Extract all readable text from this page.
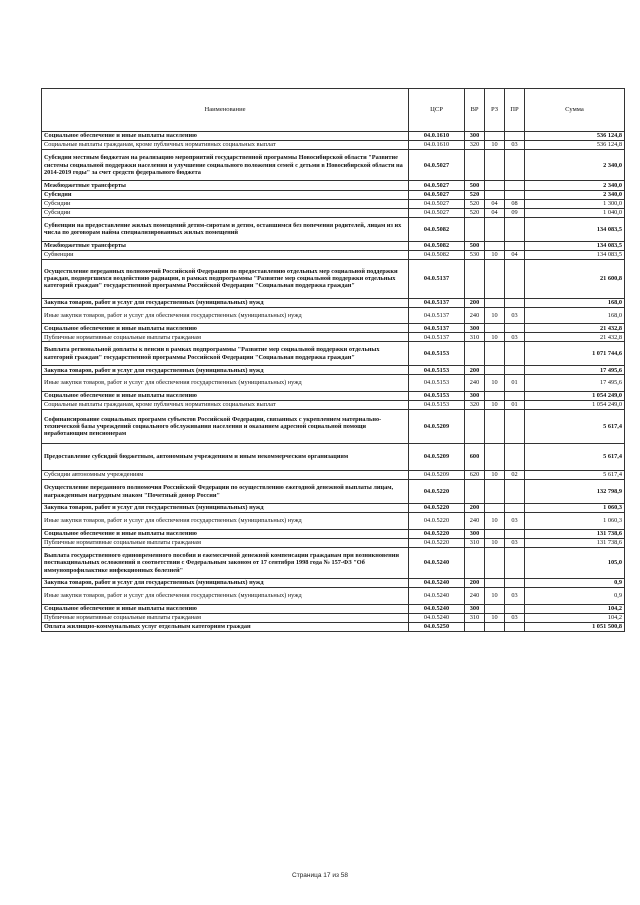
Наименование	ЦСР	ВР	РЗ	ПР	Сумма
Социальное обеспечение и иные выплаты населению	04.0.1610	300			536 124,8
Социальные выплаты гражданам, кроме публичных нормативных социальных выплат	04.0.1610	320	10	03	536 124,8
Субсидии местным бюджетам на реализацию мероприятий государственной программы Новосибирской области "Развитие системы социальной поддержки населения и улучшение социального положения семей с детьми в Новосибирской области на 2014-2019 годы" за счет средств федерального бюджета	04.0.5027				2 340,0
Межбюджетные трансферты	04.0.5027	500			2 340,0
Субсидии	04.0.5027	520			2 340,0
Субсидии	04.0.5027	520	04	08	1 300,0
Субсидии	04.0.5027	520	04	09	1 040,0
Субвенции на предоставление жилых помещений детям-сиротам и детям, оставшимся без попечения родителей, лицам из их числа по договорам найма специализированных жилых помещений	04.0.5082				134 083,5
Межбюджетные трансферты	04.0.5082	500			134 083,5
Субвенции	04.0.5082	530	10	04	134 083,5
Осуществление переданных полномочий Российской Федерации по предоставлению отдельных мер социальной поддержки граждан, подвергшихся воздействию радиации, в рамках подпрограммы "Развитие мер социальной поддержки отдельных категорий граждан" государственной программы Российской Федерации "Социальная поддержка граждан"	04.0.5137				21 600,8
Закупка товаров, работ и услуг для государственных (муниципальных) нужд	04.0.5137	200			168,0
Иные закупки товаров, работ и услуг для обеспечения государственных (муниципальных) нужд	04.0.5137	240	10	03	168,0
Социальное обеспечение и иные выплаты населению	04.0.5137	300			21 432,8
Публичные нормативные социальные выплаты гражданам	04.0.5137	310	10	03	21 432,8
Выплата региональной доплаты к пенсии в рамках подпрограммы "Развитие мер социальной поддержки отдельных категорий граждан" государственной программы Российской Федерации "Социальная поддержка граждан"	04.0.5153				1 071 744,6
Закупка товаров, работ и услуг для государственных (муниципальных) нужд	04.0.5153	200			17 495,6
Иные закупки товаров, работ и услуг для обеспечения государственных (муниципальных) нужд	04.0.5153	240	10	01	17 495,6
Социальное обеспечение и иные выплаты населению	04.0.5153	300			1 054 249,0
Социальные выплаты гражданам, кроме публичных нормативных социальных выплат	04.0.5153	320	10	01	1 054 249,0
Софинансирование социальных программ субъектов Российской Федерации, связанных с укреплением материально-технической базы учреждений социального обслуживания населения и оказанием адресной социальной помощи неработающим пенсионерам	04.0.5209				5 617,4
Предоставление субсидий бюджетным, автономным учреждениям и иным некоммерческим организациям	04.0.5209	600			5 617,4
Субсидии автономным учреждениям	04.0.5209	620	10	02	5 617,4
Осуществление переданного полномочия Российской Федерации по осуществлению ежегодной денежной выплаты лицам, награжденным нагрудным знаком "Почетный донор России"	04.0.5220				132 798,9
Закупка товаров, работ и услуг для государственных (муниципальных) нужд	04.0.5220	200			1 060,3
Иные закупки товаров, работ и услуг для обеспечения государственных (муниципальных) нужд	04.0.5220	240	10	03	1 060,3
Социальное обеспечение и иные выплаты населению	04.0.5220	300			131 738,6
Публичные нормативные социальные выплаты гражданам	04.0.5220	310	10	03	131 738,6
Выплата государственного единовременного пособия и ежемесячной денежной компенсации гражданам при возникновении поствакцинальных осложнений в соответствии с Федеральным законом от 17 сентября 1998 года № 157-ФЗ "Об иммунопрофилактике инфекционных болезней"	04.0.5240				105,0
Закупка товаров, работ и услуг для государственных (муниципальных) нужд	04.0.5240	200			0,9
Иные закупки товаров, работ и услуг для обеспечения государственных (муниципальных) нужд	04.0.5240	240	10	03	0,9
Социальное обеспечение и иные выплаты населению	04.0.5240	300			104,2
Публичные нормативные социальные выплаты гражданам	04.0.5240	310	10	03	104,2
Оплата жилищно-коммунальных услуг отдельным категориям граждан	04.0.5250				1 051 500,8
Страница 17 из 58
